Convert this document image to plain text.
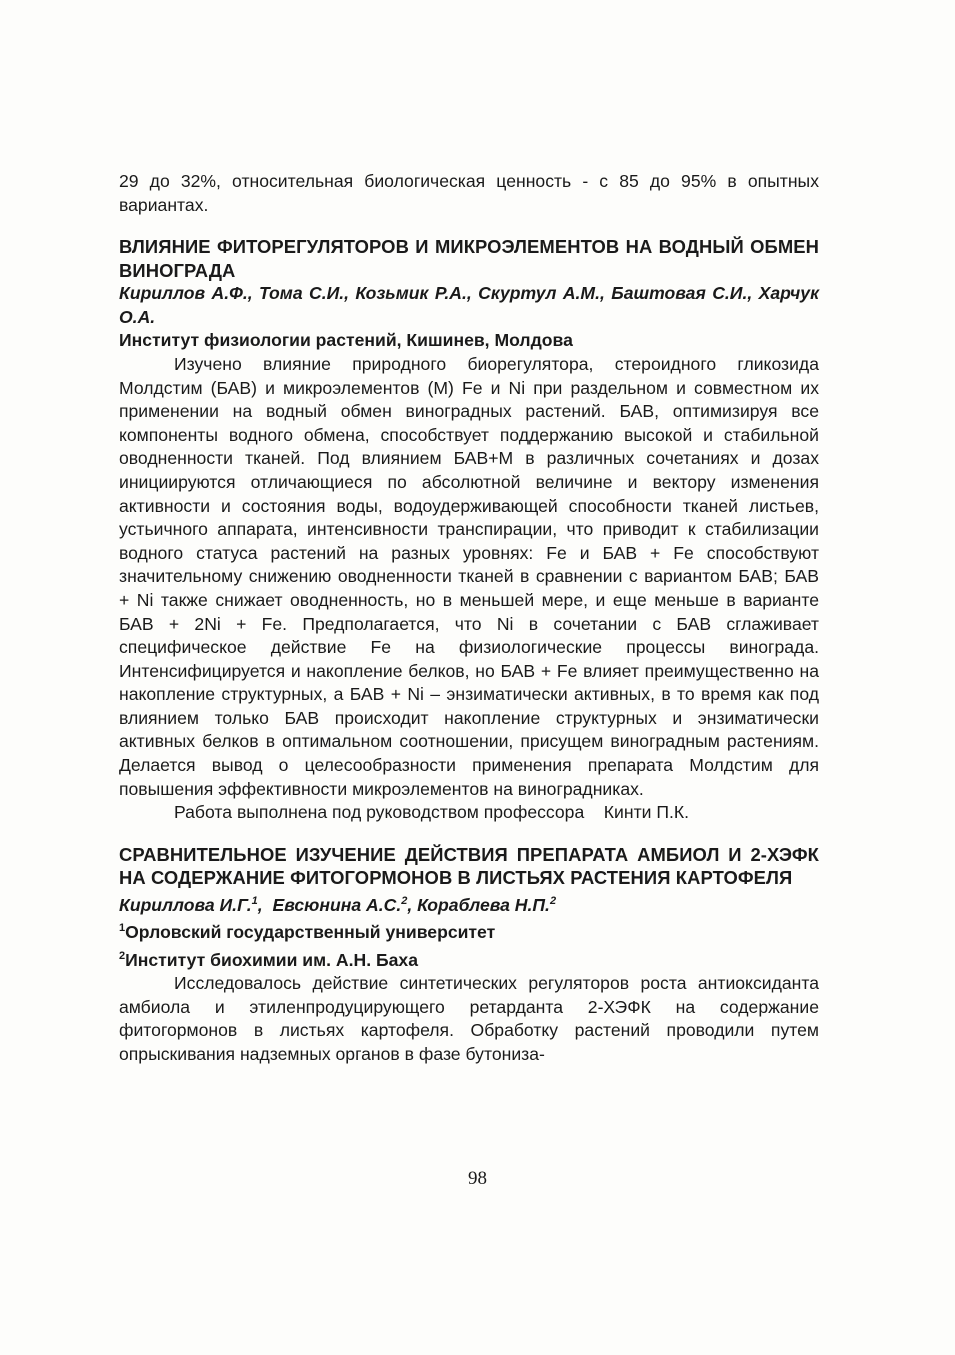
29 до 32%, относительная биологическая ценность - с 85 до 95% в опытных вариантах.

ВЛИЯНИЕ ФИТОРЕГУЛЯТОРОВ И МИКРОЭЛЕМЕНТОВ НА ВОДНЫЙ ОБМЕН ВИНОГРАДА

Кириллов А.Ф., Тома С.И., Козьмик Р.А., Скуртул А.М., Баштовая С.И., Харчук О.А.

Институт физиологии растений, Кишинев, Молдова

Изучено влияние природного биорегулятора, стероидного гликозида Молдстим (БАВ) и микроэлементов (М) Fe и Ni при раздельном и совместном их применении на водный обмен виноградных растений. БАВ, оптимизируя все компоненты водного обмена, способствует поддержанию высокой и стабильной оводненности тканей. Под влиянием БАВ+М в различных сочетаниях и дозах инициируются отличающиеся по абсолютной величине и вектору изменения активности и состояния воды, водоудерживающей способности тканей листьев, устьичного аппарата, интенсивности транспирации, что приводит к стабилизации водного статуса растений на разных уровнях: Fe и БАВ + Fe способствуют значительному снижению оводненности тканей в сравнении с вариантом БАВ; БАВ + Ni также снижает оводненность, но в меньшей мере, и еще меньше в варианте БАВ + 2Ni + Fe. Предполагается, что Ni в сочетании с БАВ сглаживает специфическое действие Fe на физиологические процессы винограда. Интенсифицируется и накопление белков, но БАВ + Fe влияет преимущественно на накопление структурных, а БАВ + Ni – энзиматически активных, в то время как под влиянием только БАВ происходит накопление структурных и энзиматически активных белков в оптимальном соотношении, присущем виноградным растениям. Делается вывод о целесообразности применения препарата Молдстим для повышения эффективности микроэлементов на виноградниках.

Работа выполнена под руководством профессора    Кинти П.К.

СРАВНИТЕЛЬНОЕ ИЗУЧЕНИЕ ДЕЙСТВИЯ ПРЕПАРАТА АМБИОЛ И 2-ХЭФК НА СОДЕРЖАНИЕ ФИТОГОРМОНОВ В ЛИСТЬЯХ РАСТЕНИЯ КАРТОФЕЛЯ

Кириллова И.Г.$^1$,  Евсюнина А.С.$^2$, Кораблева Н.П.$^2$

$^1$Орловский государственный университет

$^2$Институт биохимии им. А.Н. Баха

Исследовалось действие синтетических регуляторов роста антиоксиданта амбиола и этиленпродуцирующего ретарданта 2-ХЭФК на содержание фитогормонов в листьях картофеля. Обработку растений проводили путем опрыскивания надземных органов в фазе бутониза-

98
